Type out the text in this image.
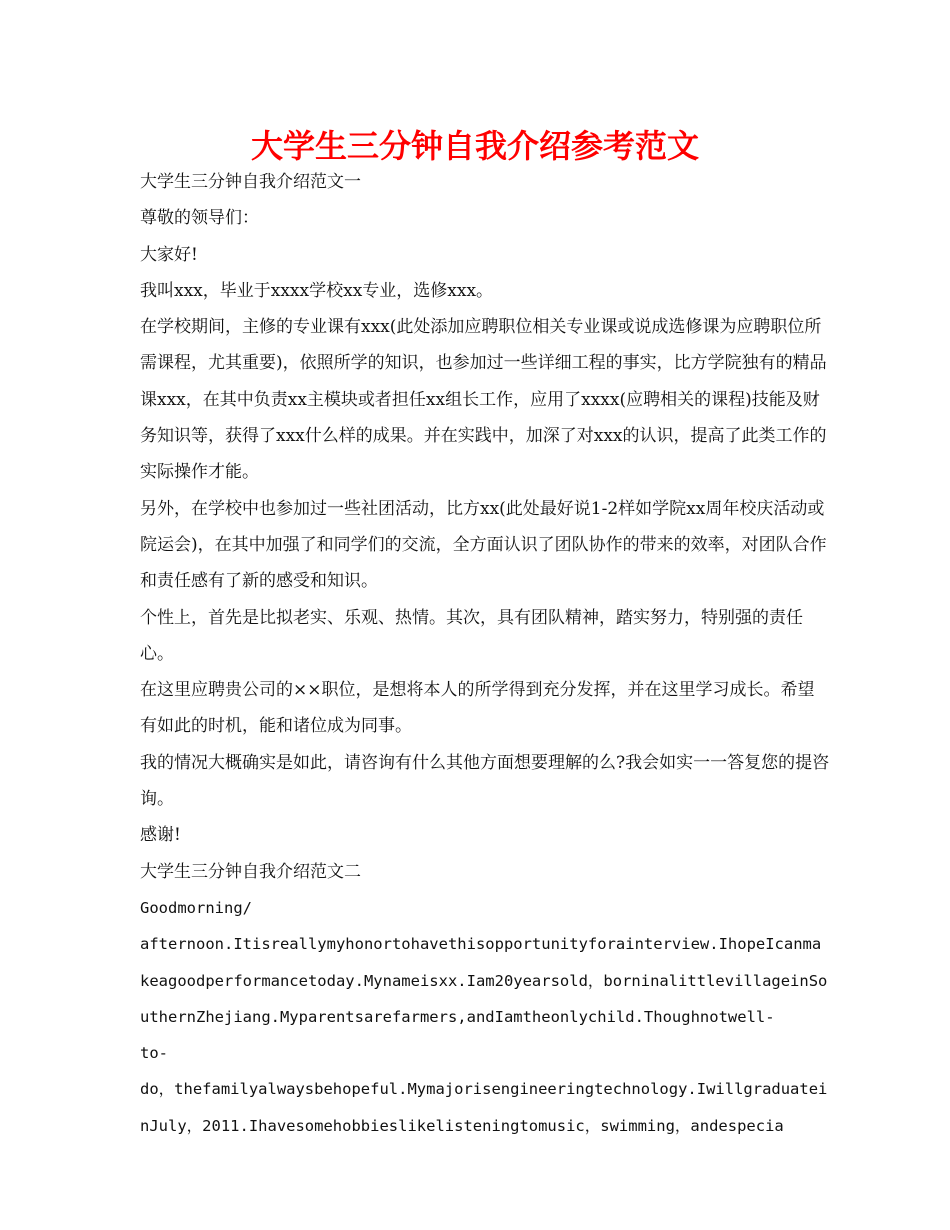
大学生三分钟自我介绍参考范文

大学生三分钟自我介绍范文一

尊敬的领导们：

大家好!

我叫xxx，毕业于xxxx学校xx专业，选修xxx。

在学校期间，主修的专业课有xxx(此处添加应聘职位相关专业课或说成选修课为应聘职位所需课程，尤其重要)，依照所学的知识，也参加过一些详细工程的事实，比方学院独有的精品课xxx，在其中负责xx主模块或者担任xx组长工作，应用了xxxx(应聘相关的课程)技能及财务知识等，获得了xxx什么样的成果。并在实践中，加深了对xxx的认识，提高了此类工作的实际操作才能。

另外，在学校中也参加过一些社团活动，比方xx(此处最好说1-2样如学院xx周年校庆活动或院运会)，在其中加强了和同学们的交流，全方面认识了团队协作的带来的效率，对团队合作和责任感有了新的感受和知识。

个性上，首先是比拟老实、乐观、热情。其次，具有团队精神，踏实努力，特别强的责任心。

在这里应聘贵公司的××职位，是想将本人的所学得到充分发挥，并在这里学习成长。希望有如此的时机，能和诸位成为同事。

我的情况大概确实是如此，请咨询有什么其他方面想要理解的么?我会如实一一答复您的提咨询。

感谢!

大学生三分钟自我介绍范文二

Goodmorning/

afternoon.Itisreallymyhonortohavethisopportunityforainterview.IhopeIcanmakeagoodperformancetoday.Mynameisxx.Iam20yearsold，borninalittlevillageinSouthernZhejiang.Myparentsarefarmers,andIamtheonlychild.Thoughnotwell-

to-

do，thefamilyalwaysbehopeful.Mymajorisengineeringtechnology.IwillgraduateinJuly，2011.Ihavesomehobbieslikelisteningtomusic，swimming，andespecia
